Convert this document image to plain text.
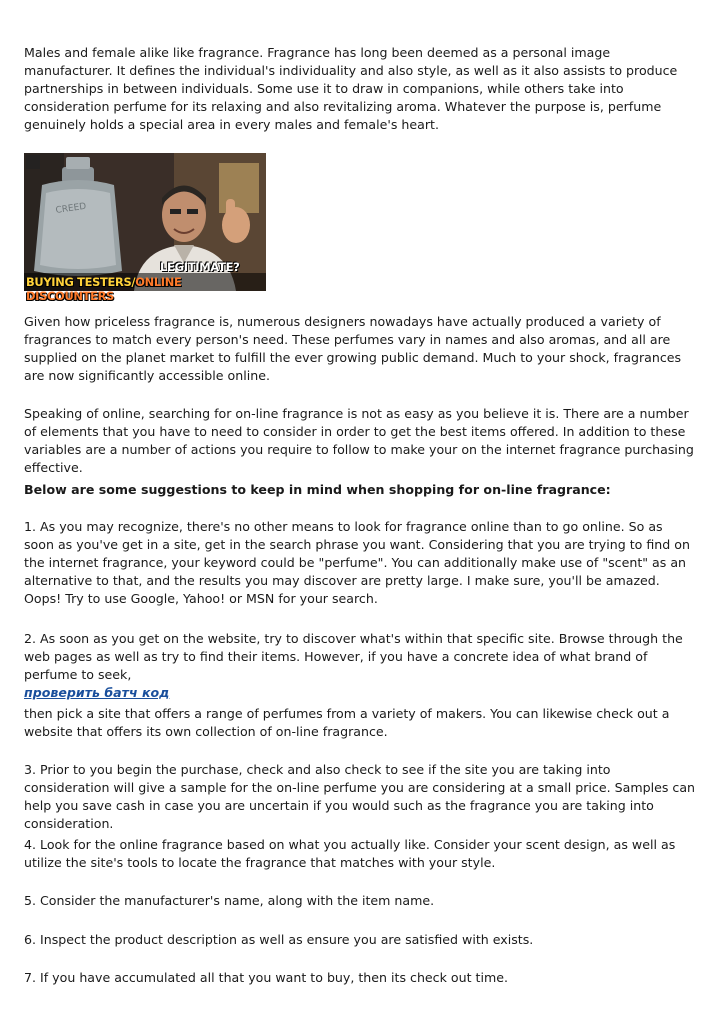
Males and female alike like fragrance. Fragrance has long been deemed as a personal image manufacturer. It defines the individual's individuality and also style, as well as it also assists to produce partnerships in between individuals. Some use it to draw in companions, while others take into consideration perfume for its relaxing and also revitalizing aroma. Whatever the purpose is, perfume genuinely holds a special area in every males and female's heart.

CREED
LEGITIMATE?
BUYING TESTERS/ONLINE DISCOUNTERS

Given how priceless fragrance is, numerous designers nowadays have actually produced a variety of fragrances to match every person's need. These perfumes vary in names and also aromas, and all are supplied on the planet market to fulfill the ever growing public demand. Much to your shock, fragrances are now significantly accessible online.

Speaking of online, searching for on-line fragrance is not as easy as you believe it is. There are a number of elements that you have to need to consider in order to get the best items offered. In addition to these variables are a number of actions you require to follow to make your on the internet fragrance purchasing effective.

Below are some suggestions to keep in mind when shopping for on-line fragrance:

1. As you may recognize, there's no other means to look for fragrance online than to go online. So as soon as you've get in a site, get in the search phrase you want. Considering that you are trying to find on the internet fragrance, your keyword could be "perfume". You can additionally make use of "scent" as an alternative to that, and the results you may discover are pretty large. I make sure, you'll be amazed. Oops! Try to use Google, Yahoo! or MSN for your search.

2. As soon as you get on the website, try to discover what's within that specific site. Browse through the web pages as well as try to find their items. However, if you have a concrete idea of what brand of perfume to seek,
проверить батч код

then pick a site that offers a range of perfumes from a variety of makers. You can likewise check out a website that offers its own collection of on-line fragrance.

3. Prior to you begin the purchase, check and also check to see if the site you are taking into consideration will give a sample for the on-line perfume you are considering at a small price. Samples can help you save cash in case you are uncertain if you would such as the fragrance you are taking into consideration.

4. Look for the online fragrance based on what you actually like. Consider your scent design, as well as utilize the site's tools to locate the fragrance that matches with your style.

5. Consider the manufacturer's name, along with the item name.

6. Inspect the product description as well as ensure you are satisfied with exists.

7. If you have accumulated all that you want to buy, then its check out time.
